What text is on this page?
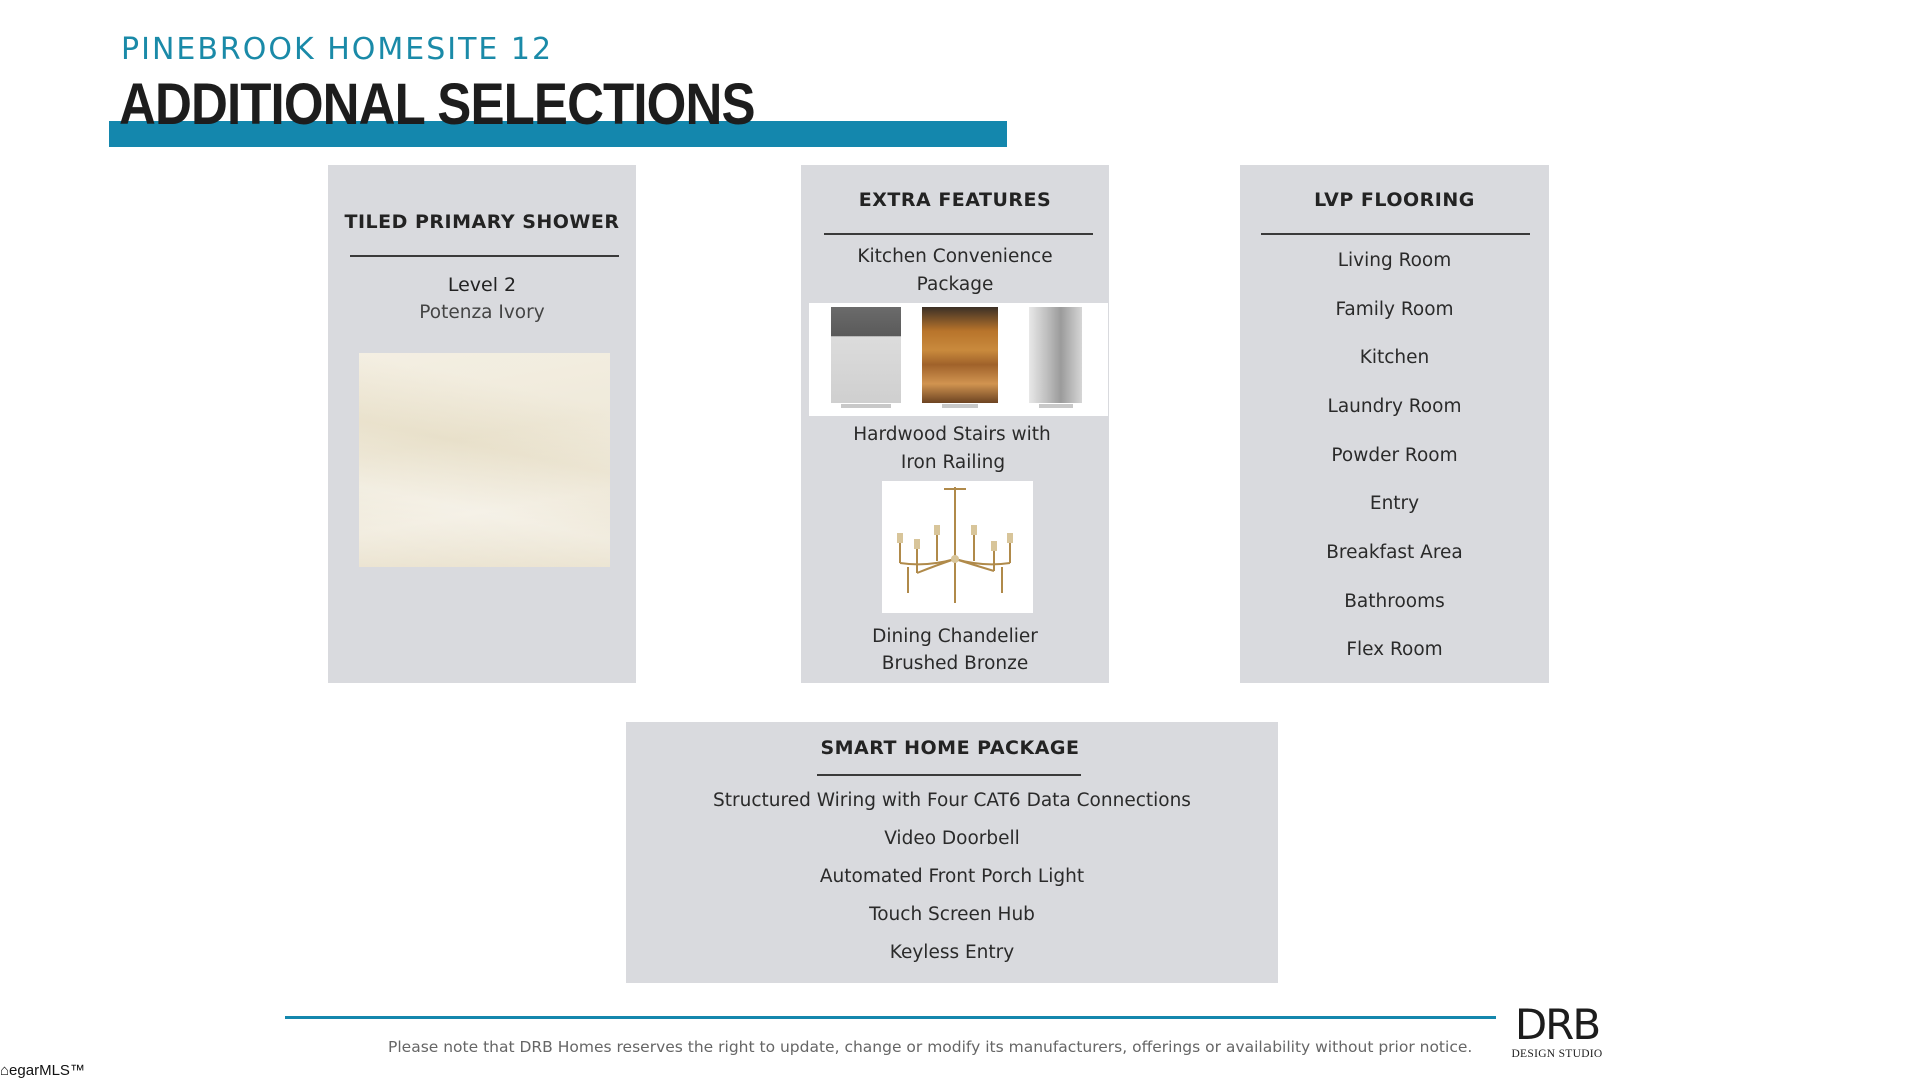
PINEBROOK HOMESITE 12
ADDITIONAL SELECTIONS
TILED PRIMARY SHOWER
Level 2
Potenza Ivory
EXTRA FEATURES
Kitchen Convenience
Package
Hardwood Stairs with
Iron Railing
Dining Chandelier
Brushed Bronze
LVP FLOORING
Living Room
Family Room
Kitchen
Laundry Room
Powder Room
Entry
Breakfast Area
Bathrooms
Flex Room
SMART HOME PACKAGE
Structured Wiring with Four CAT6 Data Connections
Video Doorbell
Automated Front Porch Light
Touch Screen Hub
Keyless Entry
Please note that DRB Homes reserves the right to update, change or modify its manufacturers, offerings or availability without prior notice. DRB
DESIGN STUDIO
⌂egarMLS™
